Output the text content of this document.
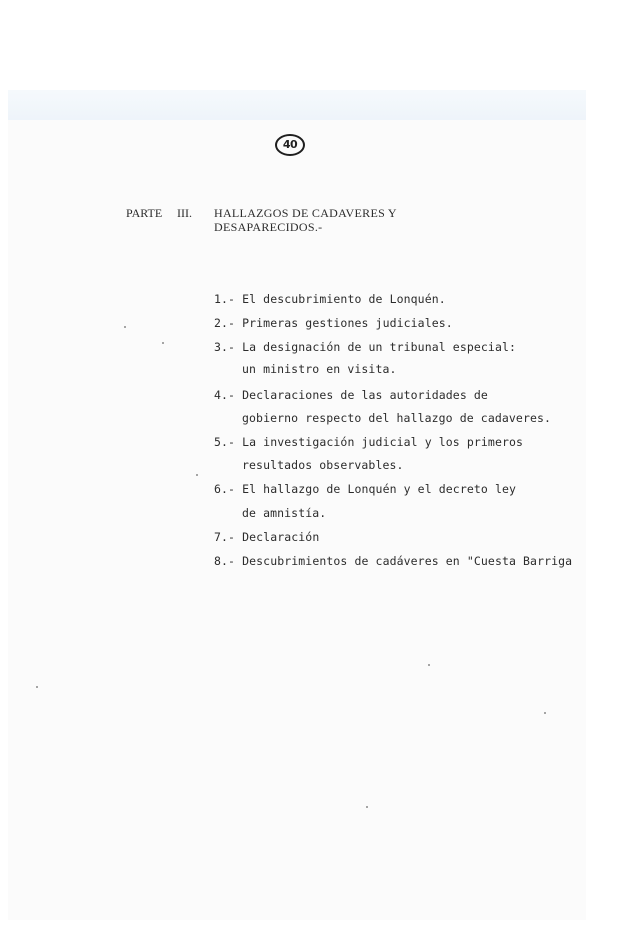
40
PARTE III. HALLAZGOS DE CADAVERES Y
DESAPARECIDOS.-
1.- El descubrimiento de Lonquén.
2.- Primeras gestiones judiciales.
3.- La designación de un tribunal especial:
un ministro en visita.
4.- Declaraciones de las autoridades de
gobierno respecto del hallazgo de cadaveres.
5.- La investigación judicial y los primeros
resultados observables.
6.- El hallazgo de Lonquén y el decreto ley
de amnistía.
7.- Declaración
8.- Descubrimientos de cadáveres en "Cuesta Barriga
